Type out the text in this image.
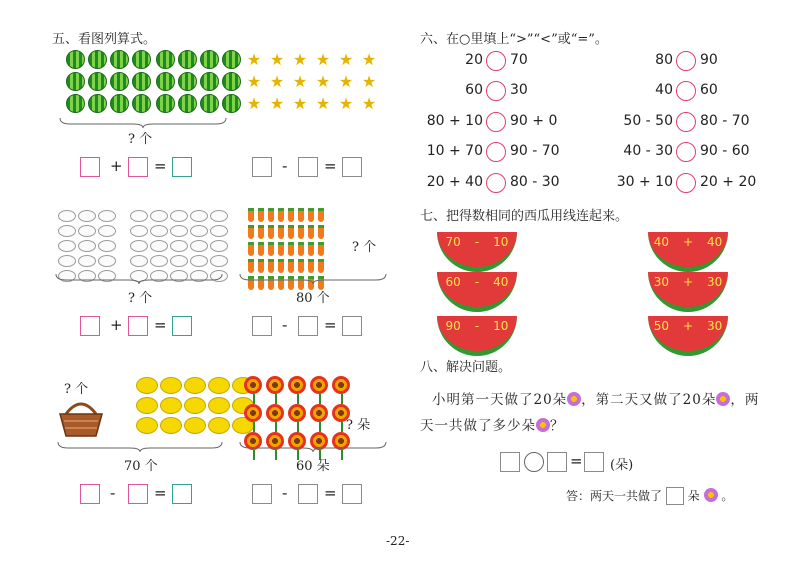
五、看图列算式。
? 个
+ =
★ ★ ★ ★ ★ ★
★ ★ ★ ★ ★ ★
★ ★ ★ ★ ★ ★
- =
? 个
+ =
? 个
80 个
- =
? 个
70 个
-	=
? 朵
60 朵
- =
六、在○里填上“>”“<”或“=”。
20 70	80 90
60 30	40 60
80 + 10 90 + 0	50 - 50 80 - 70
10 + 70 90 - 70	40 - 30 90 - 60
20 + 40 80 - 30	30 + 10 20 + 20
七、把得数相同的西瓜用线连起来。
70 - 10
60 - 40
90 - 10
40 + 40
30 + 30
50 + 30
八、解决问题。
小明第一天做了20朵 ，第二天又做了20朵 ，两
天一共做了多少朵 ？
= (朵)
答：两天一共做了 朵 。
-22-
